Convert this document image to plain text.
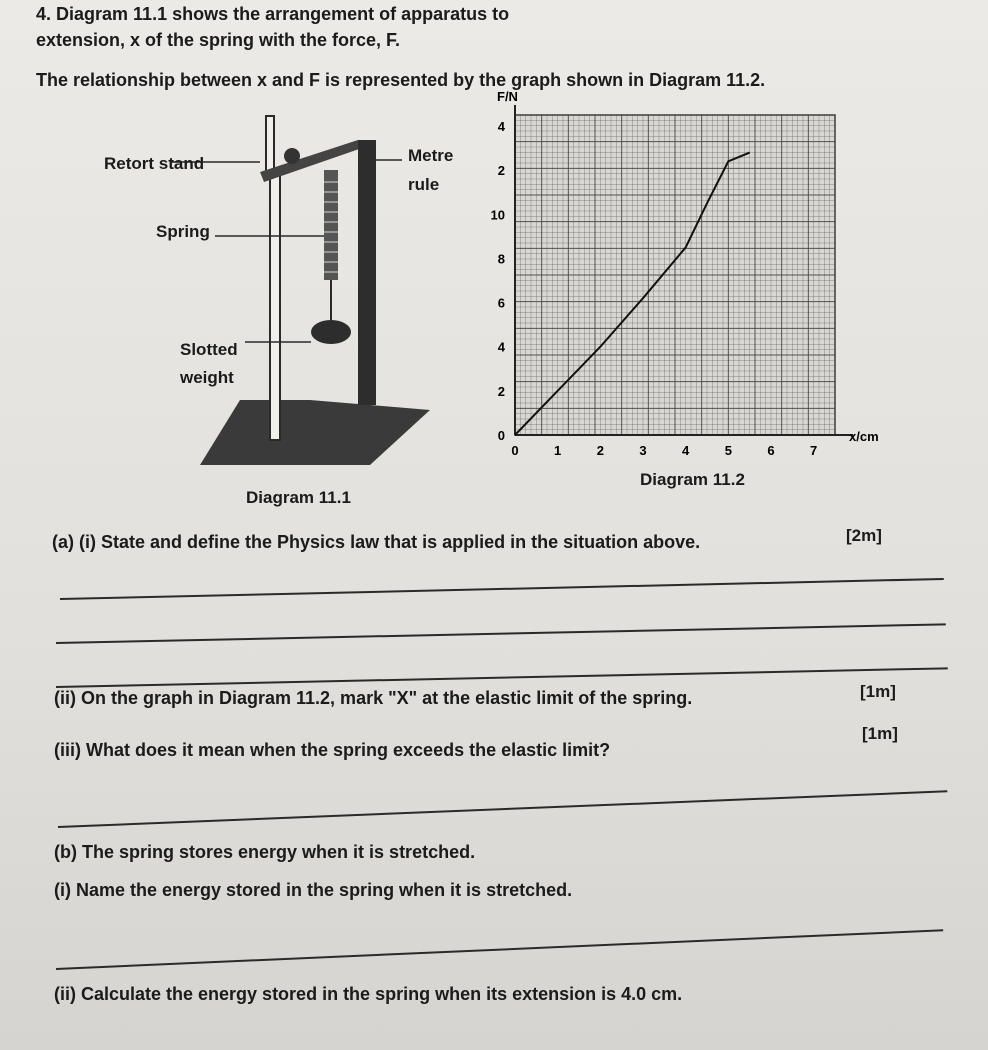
4. Diagram 11.1 shows the arrangement of apparatus to
extension, x of the spring with the force, F.
The relationship between x and F is represented by the graph shown in Diagram 11.2.
Retort stand	Metre
rule
Spring
Slotted
weight
Diagram 11.1
x/cm
F/N
0	1	2	3	4	5	6	7
0
2
4
6
8
10
2
4
Diagram 11.2
(a) (i) State and define the Physics law that is applied in the situation above.	[2m]
(ii) On the graph in Diagram 11.2, mark "X" at the elastic limit of the spring.	[1m]
(iii) What does it mean when the spring exceeds the elastic limit?
[1m]
(b) The spring stores energy when it is stretched.
(i) Name the energy stored in the spring when it is stretched.
(ii) Calculate the energy stored in the spring when its extension is 4.0 cm.
